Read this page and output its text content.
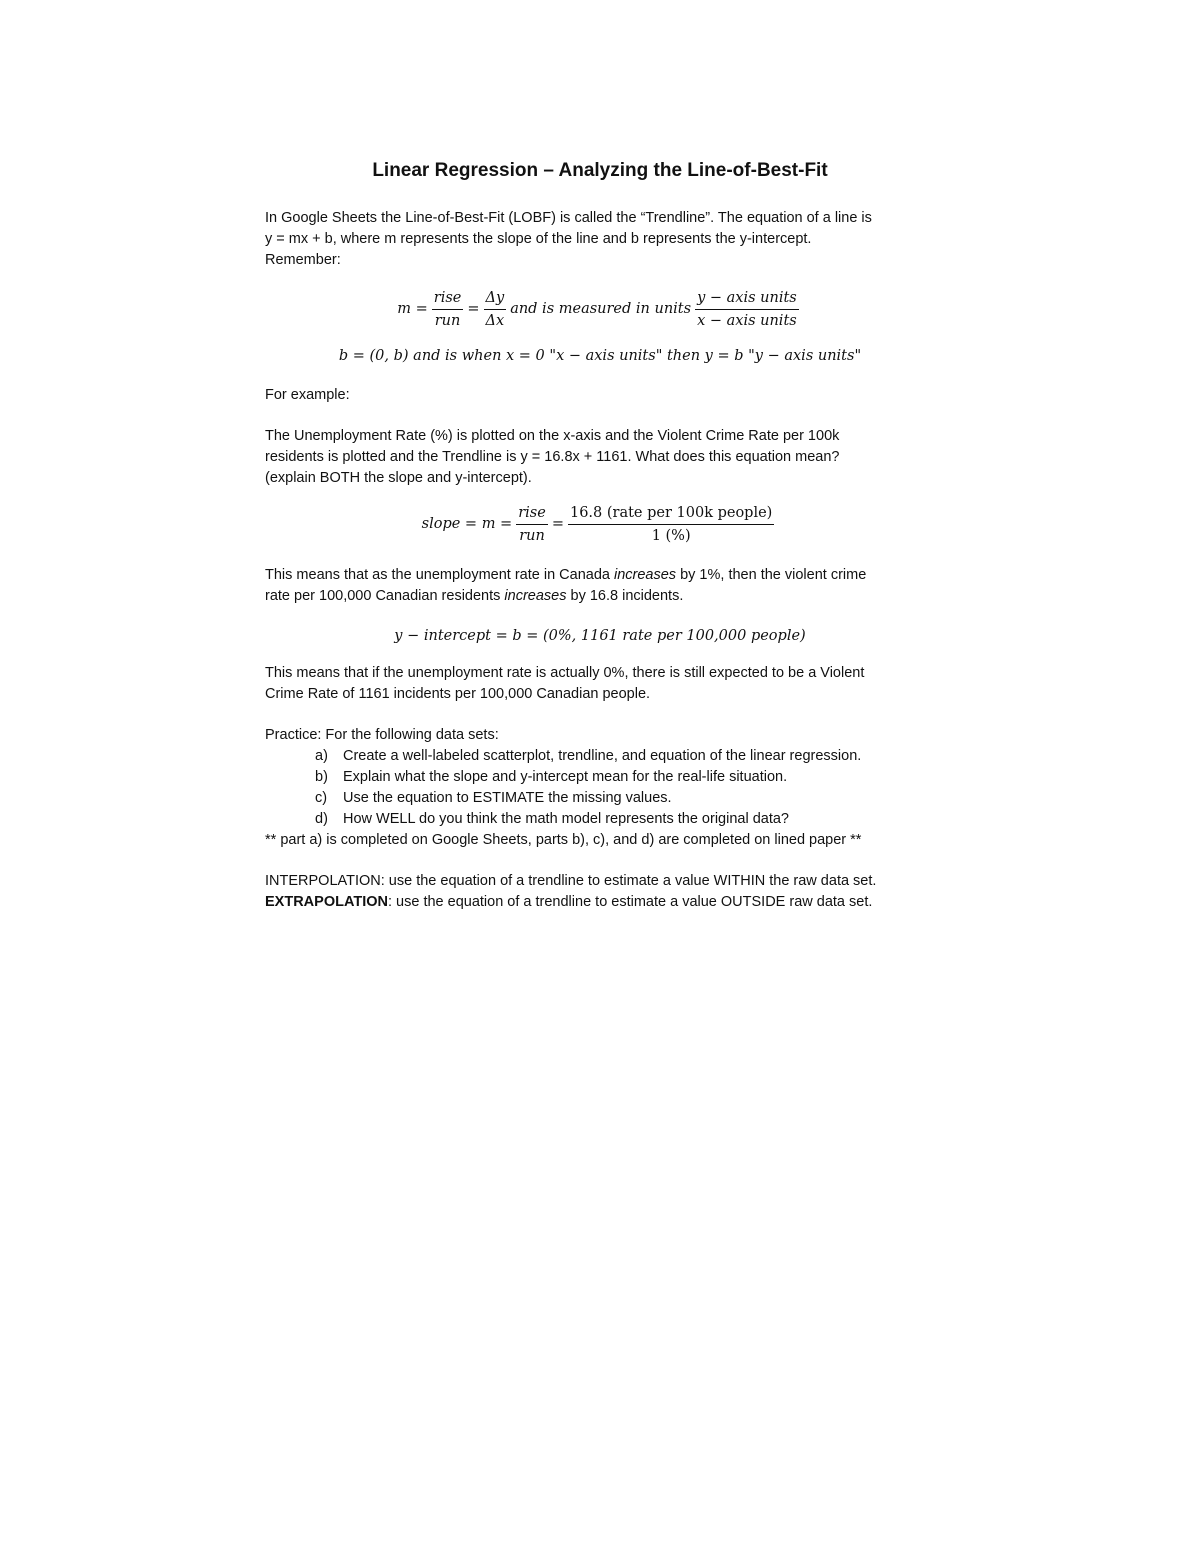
Linear Regression – Analyzing the Line-of-Best-Fit

In Google Sheets the Line-of-Best-Fit (LOBF) is called the “Trendline”. The equation of a line is

y = mx + b, where m represents the slope of the line and b represents the y-intercept.

Remember:

$m = \frac{\text{rise}}{\text{run}} = \frac{\Delta y}{\Delta x}$ and is measured in units $\frac{\text{y − axis units}}{\text{x − axis units}}$
b = (0, b) and is when x = 0 "x − axis units" then y = b "y − axis units"

For example:

The Unemployment Rate (%) is plotted on the x-axis and the Violent Crime Rate per 100k

residents is plotted and the Trendline is y = 16.8x + 1161. What does this equation mean?

(explain BOTH the slope and y-intercept).

slope = $m = \frac{\text{rise}}{\text{run}} = \frac{\text{16.8 (rate per 100k people)}}{1 (\%)}$

This means that as the unemployment rate in Canada increases by 1%, then the violent crime

rate per 100,000 Canadian residents increases by 16.8 incidents.

y − intercept = b = (0%, 1161 rate per 100,000 people)

This means that if the unemployment rate is actually 0%, there is still expected to be a Violent

Crime Rate of 1161 incidents per 100,000 Canadian people.

Practice: For the following data sets:

a) Create a well-labeled scatterplot, trendline, and equation of the linear regression.
b) Explain what the slope and y-intercept mean for the real-life situation.
c) Use the equation to ESTIMATE the missing values.
d) How WELL do you think the math model represents the original data?

** part a) is completed on Google Sheets, parts b), c), and d) are completed on lined paper **

INTERPOLATION: use the equation of a trendline to estimate a value WITHIN the raw data set.

EXTRAPOLATION: use the equation of a trendline to estimate a value OUTSIDE raw data set.
